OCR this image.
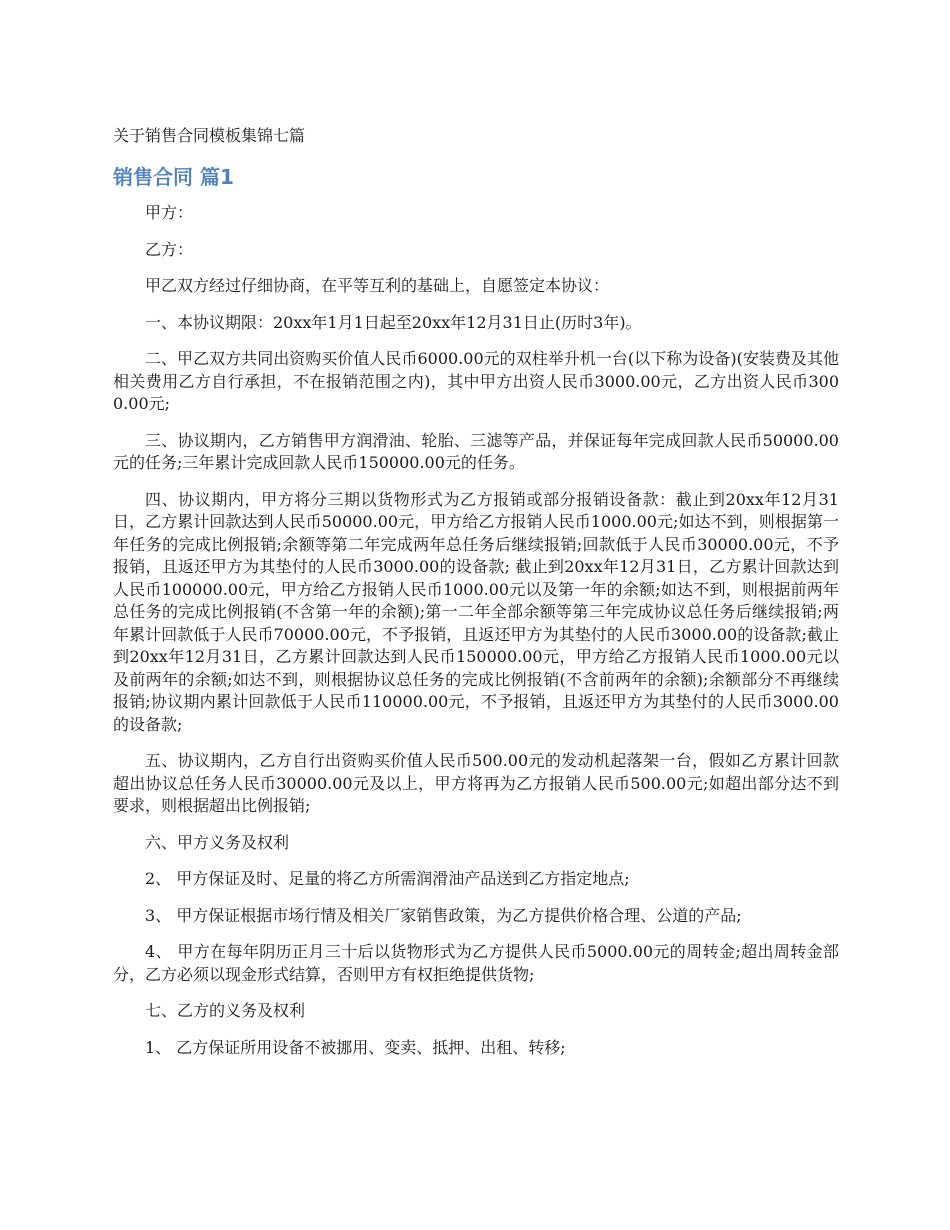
关于销售合同模板集锦七篇
销售合同 篇1

甲方：

乙方：

甲乙双方经过仔细协商，在平等互利的基础上，自愿签定本协议：

一、本协议期限：20xx年1月1日起至20xx年12月31日止(历时3年)。

二、甲乙双方共同出资购买价值人民币6000.00元的双柱举升机一台(以下称为设备)(安装费及其他相关费用乙方自行承担，不在报销范围之内)，其中甲方出资人民币3000.00元，乙方出资人民币3000.00元;

三、协议期内，乙方销售甲方润滑油、轮胎、三滤等产品，并保证每年完成回款人民币50000.00元的任务;三年累计完成回款人民币150000.00元的任务。

四、协议期内，甲方将分三期以货物形式为乙方报销或部分报销设备款：截止到20xx年12月31日，乙方累计回款达到人民币50000.00元，甲方给乙方报销人民币1000.00元;如达不到，则根据第一年任务的完成比例报销;余额等第二年完成两年总任务后继续报销;回款低于人民币30000.00元，不予报销，且返还甲方为其垫付的人民币3000.00的设备款; 截止到20xx年12月31日，乙方累计回款达到人民币100000.00元，甲方给乙方报销人民币1000.00元以及第一年的余额;如达不到，则根据前两年总任务的完成比例报销(不含第一年的余额);第一二年全部余额等第三年完成协议总任务后继续报销;两年累计回款低于人民币70000.00元，不予报销，且返还甲方为其垫付的人民币3000.00的设备款;截止到20xx年12月31日，乙方累计回款达到人民币150000.00元，甲方给乙方报销人民币1000.00元以及前两年的余额;如达不到，则根据协议总任务的完成比例报销(不含前两年的余额);余额部分不再继续报销;协议期内累计回款低于人民币110000.00元，不予报销，且返还甲方为其垫付的人民币3000.00的设备款;

五、协议期内，乙方自行出资购买价值人民币500.00元的发动机起落架一台，假如乙方累计回款超出协议总任务人民币30000.00元及以上，甲方将再为乙方报销人民币500.00元;如超出部分达不到要求，则根据超出比例报销;

六、甲方义务及权利

2、 甲方保证及时、足量的将乙方所需润滑油产品送到乙方指定地点;

3、 甲方保证根据市场行情及相关厂家销售政策，为乙方提供价格合理、公道的产品;

4、 甲方在每年阴历正月三十后以货物形式为乙方提供人民币5000.00元的周转金;超出周转金部分，乙方必须以现金形式结算，否则甲方有权拒绝提供货物;

七、乙方的义务及权利

1、 乙方保证所用设备不被挪用、变卖、抵押、出租、转移;
